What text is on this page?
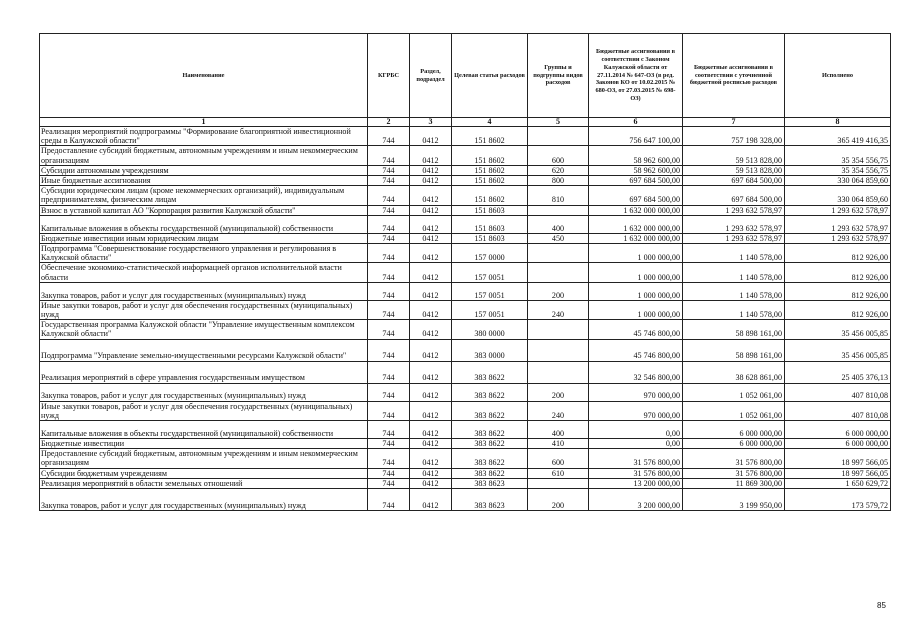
Наименование	КГРБС	Раздел, подраздел	Целевая статья расходов	Группы и подгруппы видов расходов	Бюджетные ассигнования в соответствии с Законом Калужской области от 27.11.2014 № 647-ОЗ (в ред. Законов КО от 10.02.2015 № 680-ОЗ, от 27.03.2015 № 698-ОЗ)	Бюджетные ассигнования в соответствии с уточненной бюджетной росписью расходов	Исполнено
1	2	3	4	5	6	7	8
Реализация мероприятий подпрограммы "Формирование благоприятной инвестиционной среды в Калужской области"	744	0412	151 8602		756 647 100,00	757 198 328,00	365 419 416,35
Предоставление субсидий бюджетным, автономным учреждениям и иным некоммерческим организациям	744	0412	151 8602	600	58 962 600,00	59 513 828,00	35 354 556,75
Субсидии автономным учреждениям	744	0412	151 8602	620	58 962 600,00	59 513 828,00	35 354 556,75
Иные бюджетные ассигнования	744	0412	151 8602	800	697 684 500,00	697 684 500,00	330 064 859,60
Субсидии юридическим лицам (кроме некоммерческих организаций), индивидуальным предпринимателям, физическим лицам	744	0412	151 8602	810	697 684 500,00	697 684 500,00	330 064 859,60
Взнос в уставной капитал АО "Корпорация развития Калужской области"	744	0412	151 8603		1 632 000 000,00	1 293 632 578,97	1 293 632 578,97
Капитальные вложения в объекты государственной (муниципальной) собственности	744	0412	151 8603	400	1 632 000 000,00	1 293 632 578,97	1 293 632 578,97
Бюджетные инвестиции иным юридическим лицам	744	0412	151 8603	450	1 632 000 000,00	1 293 632 578,97	1 293 632 578,97
Подпрограмма "Совершенствование государственного управления и регулирования в Калужской области"	744	0412	157 0000		1 000 000,00	1 140 578,00	812 926,00
Обеспечение экономико-статистической информацией органов исполнительной власти области	744	0412	157 0051		1 000 000,00	1 140 578,00	812 926,00
Закупка товаров, работ и услуг для государственных (муниципальных) нужд	744	0412	157 0051	200	1 000 000,00	1 140 578,00	812 926,00
Иные закупки товаров, работ и услуг для обеспечения государственных (муниципальных) нужд	744	0412	157 0051	240	1 000 000,00	1 140 578,00	812 926,00
Государственная программа Калужской области "Управление имущественным комплексом Калужской области"	744	0412	380 0000		45 746 800,00	58 898 161,00	35 456 005,85
Подпрограмма "Управление земельно-имущественными ресурсами Калужской области"	744	0412	383 0000		45 746 800,00	58 898 161,00	35 456 005,85
Реализация мероприятий в сфере управления государственным имуществом	744	0412	383 8622		32 546 800,00	38 628 861,00	25 405 376,13
Закупка товаров, работ и услуг для государственных (муниципальных) нужд	744	0412	383 8622	200	970 000,00	1 052 061,00	407 810,08
Иные закупки товаров, работ и услуг для обеспечения государственных (муниципальных) нужд	744	0412	383 8622	240	970 000,00	1 052 061,00	407 810,08
Капитальные вложения в объекты государственной (муниципальной) собственности	744	0412	383 8622	400	0,00	6 000 000,00	6 000 000,00
Бюджетные инвестиции	744	0412	383 8622	410	0,00	6 000 000,00	6 000 000,00
Предоставление субсидий бюджетным, автономным учреждениям и иным некоммерческим организациям	744	0412	383 8622	600	31 576 800,00	31 576 800,00	18 997 566,05
Субсидии бюджетным учреждениям	744	0412	383 8622	610	31 576 800,00	31 576 800,00	18 997 566,05
Реализация мероприятий в области земельных отношений	744	0412	383 8623		13 200 000,00	11 869 300,00	1 650 629,72
Закупка товаров, работ и услуг для государственных (муниципальных) нужд	744	0412	383 8623	200	3 200 000,00	3 199 950,00	173 579,72
85
